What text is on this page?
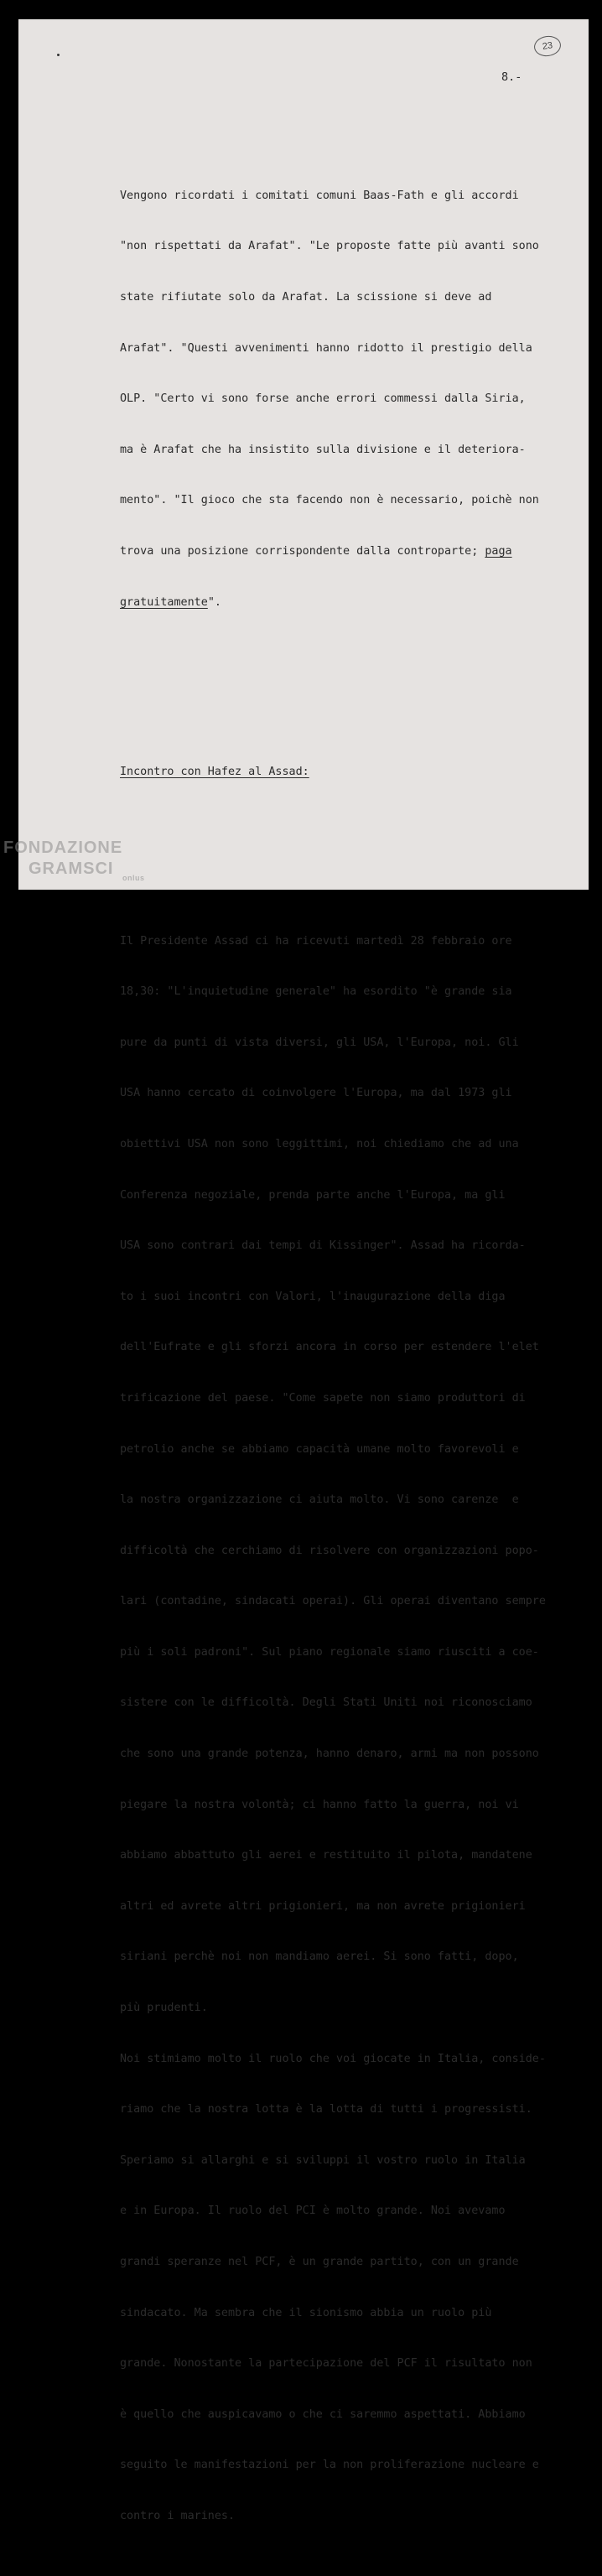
23
8.-

Vengono ricordati i comitati comuni Baas-Fath e gli accordi

"non rispettati da Arafat". "Le proposte fatte più avanti sono

state rifiutate solo da Arafat. La scissione si deve ad

Arafat". "Questi avvenimenti hanno ridotto il prestigio della

OLP. "Certo vi sono forse anche errori commessi dalla Siria,

ma è Arafat che ha insistito sulla divisione e il deteriora-

mento". "Il gioco che sta facendo non è necessario, poichè non

trova una posizione corrispondente dalla controparte; paga

gratuitamente".

Incontro con Hafez al Assad:

Il Presidente Assad ci ha ricevuti martedì 28 febbraio ore

18,30: "L'inquietudine generale" ha esordito "è grande sia

pure da punti di vista diversi, gli USA, l'Europa, noi. Gli

USA hanno cercato di coinvolgere l'Europa, ma dal 1973 gli

obiettivi USA non sono leggittimi, noi chiediamo che ad una

Conferenza negoziale, prenda parte anche l'Europa, ma gli

USA sono contrari dai tempi di Kissinger". Assad ha ricorda-

to i suoi incontri con Valori, l'inaugurazione della diga

dell'Eufrate e gli sforzi ancora in corso per estendere l'elet

trificazione del paese. "Come sapete non siamo produttori di

petrolio anche se abbiamo capacità umane molto favorevoli e

la nostra organizzazione ci aiuta molto. Vi sono carenze  e

difficoltà che cerchiamo di risolvere con organizzazioni popo-

lari (contadine, sindacati operai). Gli operai diventano sempre

più i soli padroni". Sul piano regionale siamo riusciti a coe-

sistere con le difficoltà. Degli Stati Uniti noi riconosciamo

che sono una grande potenza, hanno denaro, armi ma non possono

piegare la nostra volontà; ci hanno fatto la guerra, noi vi

abbiamo abbattuto gli aerei e restituito il pilota, mandatene

altri ed avrete altri prigionieri, ma non avrete prigionieri

siriani perchè noi non mandiamo aerei. Si sono fatti, dopo,

più prudenti.

Noi stimiamo molto il ruolo che voi giocate in Italia, conside-

riamo che la nostra lotta è la lotta di tutti i progressisti.

Speriamo si allarghi e si sviluppi il vostro ruolo in Italia

e in Europa. Il ruolo del PCI è molto grande. Noi avevamo

grandi speranze nel PCF, è un grande partito, con un grande

sindacato. Ma sembra che il sionismo abbia un ruolo più

grande. Nonostante la partecipazione del PCF il risultato non

è quello che auspicavamo o che ci saremmo aspettati. Abbiamo

seguito le manifestazioni per la non proliferazione nucleare e

contro i marines.

FONDAZIONE
GRAMSCI	onlus
